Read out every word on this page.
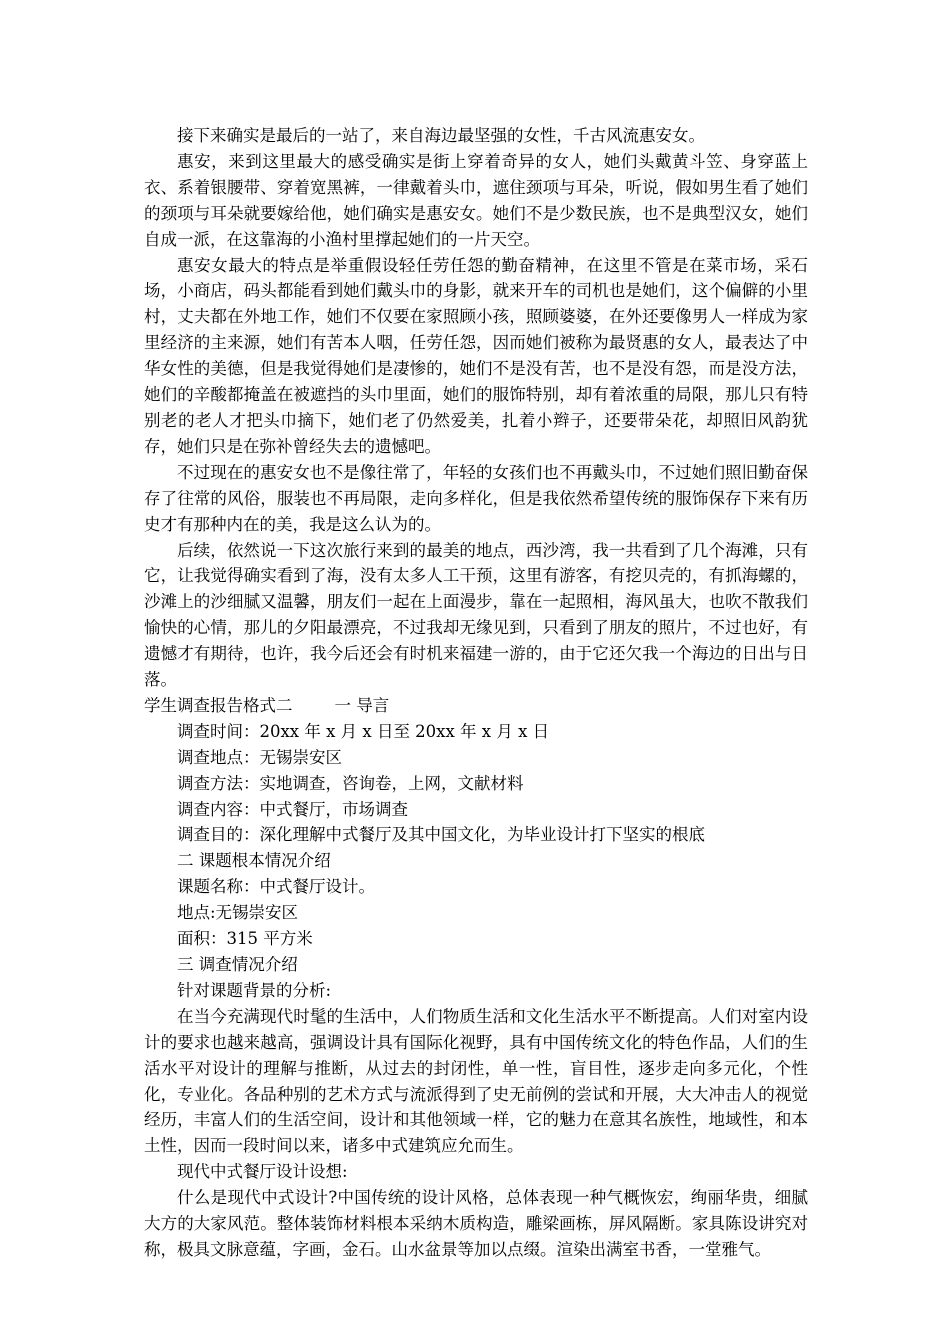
接下来确实是最后的一站了，来自海边最坚强的女性，千古风流惠安女。

惠安，来到这里最大的感受确实是街上穿着奇异的女人，她们头戴黄斗笠、身穿蓝上衣、系着银腰带、穿着宽黑裤，一律戴着头巾，遮住颈项与耳朵，听说，假如男生看了她们的颈项与耳朵就要嫁给他，她们确实是惠安女。她们不是少数民族，也不是典型汉女，她们自成一派，在这靠海的小渔村里撑起她们的一片天空。

惠安女最大的特点是举重假设轻任劳任怨的勤奋精神，在这里不管是在菜市场，采石场，小商店，码头都能看到她们戴头巾的身影，就来开车的司机也是她们，这个偏僻的小里村，丈夫都在外地工作，她们不仅要在家照顾小孩，照顾婆婆，在外还要像男人一样成为家里经济的主来源，她们有苦本人咽，任劳任怨，因而她们被称为最贤惠的女人，最表达了中华女性的美德，但是我觉得她们是凄惨的，她们不是没有苦，也不是没有怨，而是没方法，她们的辛酸都掩盖在被遮挡的头巾里面，她们的服饰特别，却有着浓重的局限，那儿只有特别老的老人才把头巾摘下，她们老了仍然爱美，扎着小辫子，还要带朵花，却照旧风韵犹存，她们只是在弥补曾经失去的遗憾吧。

不过现在的惠安女也不是像往常了，年轻的女孩们也不再戴头巾，不过她们照旧勤奋保存了往常的风俗，服装也不再局限，走向多样化，但是我依然希望传统的服饰保存下来有历史才有那种内在的美，我是这么认为的。

后续，依然说一下这次旅行来到的最美的地点，西沙湾，我一共看到了几个海滩，只有它，让我觉得确实看到了海，没有太多人工干预，这里有游客，有挖贝壳的，有抓海螺的，沙滩上的沙细腻又温馨，朋友们一起在上面漫步，靠在一起照相，海风虽大，也吹不散我们愉快的心情，那儿的夕阳最漂亮，不过我却无缘见到，只看到了朋友的照片，不过也好，有遗憾才有期待，也许，我今后还会有时机来福建一游的，由于它还欠我一个海边的日出与日落。

学生调查报告格式二	一 导言
调查时间：20xx 年 x 月 x 日至 20xx 年 x 月 x 日
调查地点：无锡崇安区
调查方法：实地调查，咨询卷，上网，文献材料
调查内容：中式餐厅，市场调查
调查目的：深化理解中式餐厅及其中国文化，为毕业设计打下坚实的根底
二 课题根本情况介绍
课题名称：中式餐厅设计。
地点:无锡崇安区
面积：315 平方米
三 调查情况介绍
针对课题背景的分析:

在当今充满现代时髦的生活中，人们物质生活和文化生活水平不断提高。人们对室内设计的要求也越来越高，强调设计具有国际化视野，具有中国传统文化的特色作品，人们的生活水平对设计的理解与推断，从过去的封闭性，单一性，盲目性，逐步走向多元化，个性化，专业化。各品种别的艺术方式与流派得到了史无前例的尝试和开展，大大冲击人的视觉经历，丰富人们的生活空间，设计和其他领域一样，它的魅力在意其名族性，地域性，和本土性，因而一段时间以来，诸多中式建筑应允而生。

现代中式餐厅设计设想:

什么是现代中式设计?中国传统的设计风格，总体表现一种气概恢宏，绚丽华贵，细腻大方的大家风范。整体装饰材料根本采纳木质构造，雕梁画栋，屏风隔断。家具陈设讲究对称，极具文脉意蕴，字画，金石。山水盆景等加以点缀。渲染出满室书香，一堂雅气。
